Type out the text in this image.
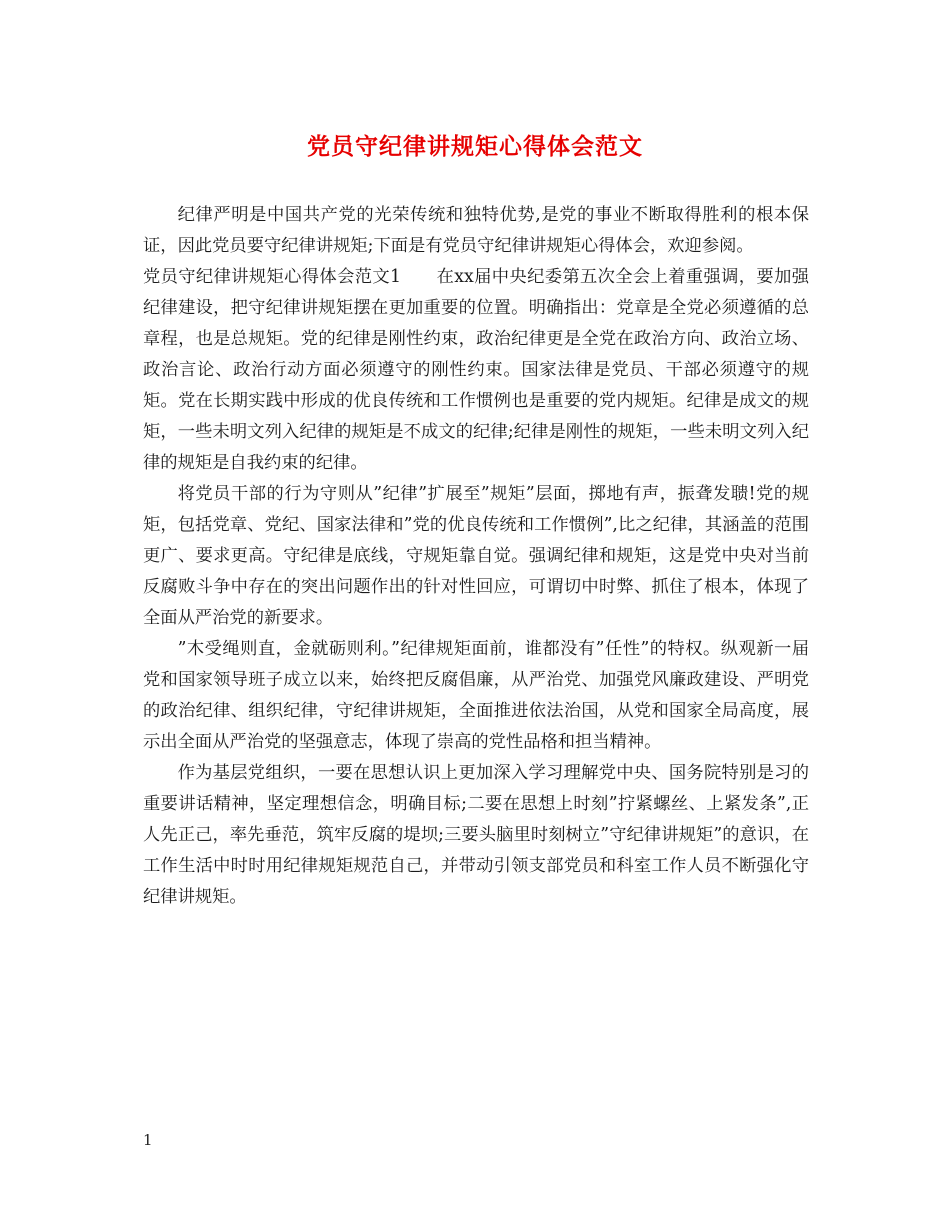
党员守纪律讲规矩心得体会范文

纪律严明是中国共产党的光荣传统和独特优势,是党的事业不断取得胜利的根本保证，因此党员要守纪律讲规矩;下面是有党员守纪律讲规矩心得体会，欢迎参阅。

党员守纪律讲规矩心得体会范文1　　在xx届中央纪委第五次全会上着重强调，要加强纪律建设，把守纪律讲规矩摆在更加重要的位置。明确指出：党章是全党必须遵循的总章程，也是总规矩。党的纪律是刚性约束，政治纪律更是全党在政治方向、政治立场、政治言论、政治行动方面必须遵守的刚性约束。国家法律是党员、干部必须遵守的规矩。党在长期实践中形成的优良传统和工作惯例也是重要的党内规矩。纪律是成文的规矩，一些未明文列入纪律的规矩是不成文的纪律;纪律是刚性的规矩，一些未明文列入纪律的规矩是自我约束的纪律。

将党员干部的行为守则从”纪律”扩展至”规矩”层面，掷地有声，振聋发聩!党的规矩，包括党章、党纪、国家法律和”党的优良传统和工作惯例”,比之纪律，其涵盖的范围更广、要求更高。守纪律是底线，守规矩靠自觉。强调纪律和规矩，这是党中央对当前反腐败斗争中存在的突出问题作出的针对性回应，可谓切中时弊、抓住了根本，体现了全面从严治党的新要求。

”木受绳则直，金就砺则利。”纪律规矩面前，谁都没有”任性”的特权。纵观新一届党和国家领导班子成立以来，始终把反腐倡廉，从严治党、加强党风廉政建设、严明党的政治纪律、组织纪律，守纪律讲规矩，全面推进依法治国，从党和国家全局高度，展示出全面从严治党的坚强意志，体现了崇高的党性品格和担当精神。

作为基层党组织，一要在思想认识上更加深入学习理解党中央、国务院特别是习的重要讲话精神，坚定理想信念，明确目标;二要在思想上时刻”拧紧螺丝、上紧发条”,正人先正己，率先垂范，筑牢反腐的堤坝;三要头脑里时刻树立”守纪律讲规矩”的意识，在工作生活中时时用纪律规矩规范自己，并带动引领支部党员和科室工作人员不断强化守纪律讲规矩。

1
